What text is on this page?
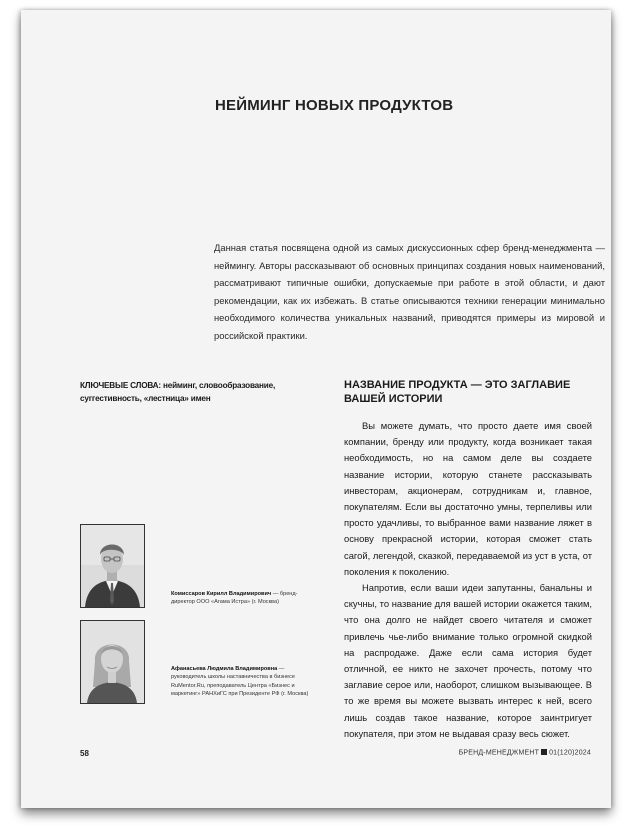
НЕЙМИНГ НОВЫХ ПРОДУКТОВ

Данная статья посвящена одной из самых дискуссионных сфер бренд-менеджмента — неймингу. Авторы рассказывают об основных принципах создания новых наименований, рассматривают типичные ошибки, допускаемые при работе в этой области, и дают рекомендации, как их избежать. В статье описываются техники генерации минимально необходимого количества уникальных названий, приводятся примеры из мировой и российской практики.

КЛЮЧЕВЫЕ СЛОВА: нейминг, словообразование, суггестивность, «лестница» имен
НАЗВАНИЕ ПРОДУКТА — ЭТО ЗАГЛАВИЕ ВАШЕЙ ИСТОРИИ

Вы можете думать, что просто даете имя своей компании, бренду или продукту, когда возникает такая необходимость, но на самом деле вы создаете название истории, которую станете рассказывать инвесторам, акционерам, сотрудникам и, главное, покупателям. Если вы достаточно умны, терпеливы или просто удачливы, то выбранное вами название ляжет в основу прекрасной истории, которая сможет стать сагой, легендой, сказкой, передаваемой из уст в уста, от поколения к поколению.

Напротив, если ваши идеи запутанны, банальны и скучны, то название для вашей истории окажется таким, что она долго не найдет своего читателя и сможет привлечь чье-либо внимание только огромной скидкой на распродаже. Даже если сама история будет отличной, ее никто не захочет прочесть, потому что заглавие серое или, наоборот, слишком вызывающее. В то же время вы можете вызвать интерес к ней, всего лишь создав такое название, которое заинтригует покупателя, при этом не выдавая сразу весь сюжет.

Комиссаров Кирилл Владимирович — бренд-директор ООО «Агама Истра» (г. Москва)
Афанасьева Людмила Владимировна — руководитель школы наставничества в бизнесе RuMentor.Ru, преподаватель Центра «Бизнес и маркетинг» РАНХиГС при Президенте РФ (г. Москва)
58	БРЕНД-МЕНЕДЖМЕНТ 01(120)2024
